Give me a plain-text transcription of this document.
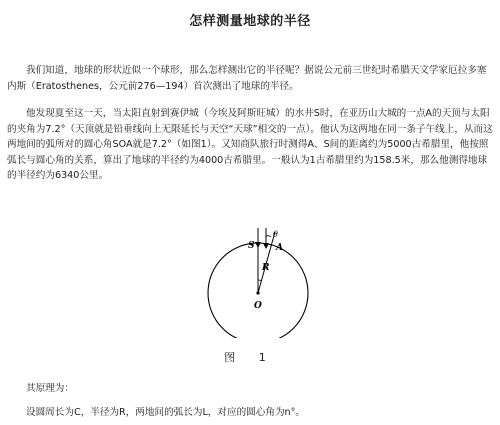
怎样测量地球的半径

我们知道，地球的形状近似一个球形，那么怎样测出它的半径呢？据说公元前三世纪时希腊天文学家厄拉多塞内斯（Eratosthenes，公元前276—194）首次测出了地球的半径。

他发现夏至这一天，当太阳直射到赛伊城（今埃及阿斯旺城）的水井S时，在亚历山大城的一点A的天顶与太阳的夹角为7.2°（天顶就是铅垂线向上无限延长与天空“天球”相交的一点）。他认为这两地在同一条子午线上，从而这两地间的弧所对的圆心角SOA就是7.2°（如图1）。又知商队旅行时测得A、S间的距离约为5000古希腊里，他按照弧长与圆心角的关系，算出了地球的半径约为4000古希腊里。一般认为1古希腊里约为158.5米，那么他测得地球的半径约为6340公里。

S A
θ
R
O
图 1

其原理为：

设圆周长为C，半径为R，两地间的弧长为L，对应的圆心角为n°。
